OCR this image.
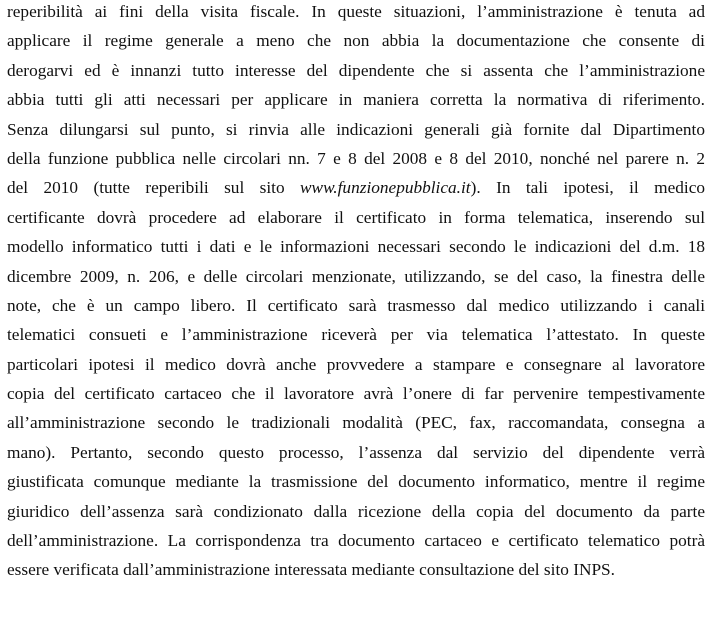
reperibilità ai fini della visita fiscale. In queste situazioni, l’amministrazione è tenuta ad
applicare il regime generale a meno che non abbia la documentazione che consente di
derogarvi ed è innanzi tutto interesse del dipendente che si assenta che l’amministrazione
abbia tutti gli atti necessari per applicare in maniera corretta la normativa di riferimento.
Senza dilungarsi sul punto, si rinvia alle indicazioni generali già fornite dal Dipartimento
della funzione pubblica nelle circolari nn. 7 e 8 del 2008 e 8 del 2010, nonché nel parere n. 2
del 2010 (tutte reperibili sul sito www.funzionepubblica.it). In tali ipotesi, il medico
certificante dovrà procedere ad elaborare il certificato in forma telematica, inserendo sul
modello informatico tutti i dati e le informazioni necessari secondo le indicazioni del d.m. 18
dicembre 2009, n. 206, e delle circolari menzionate, utilizzando, se del caso, la finestra delle
note, che è un campo libero. Il certificato sarà trasmesso dal medico utilizzando i canali
telematici consueti e l’amministrazione riceverà per via telematica l’attestato. In queste
particolari ipotesi il medico dovrà anche provvedere a stampare e consegnare al lavoratore
copia del certificato cartaceo che il lavoratore avrà l’onere di far pervenire tempestivamente
all’amministrazione secondo le tradizionali modalità (PEC, fax, raccomandata, consegna a
mano). Pertanto, secondo questo processo, l’assenza dal servizio del dipendente verrà
giustificata comunque mediante la trasmissione del documento informatico, mentre il regime
giuridico dell’assenza sarà condizionato dalla ricezione della copia del documento da parte
dell’amministrazione. La corrispondenza tra documento cartaceo e certificato telematico potrà
essere verificata dall’amministrazione interessata mediante consultazione del sito INPS.
